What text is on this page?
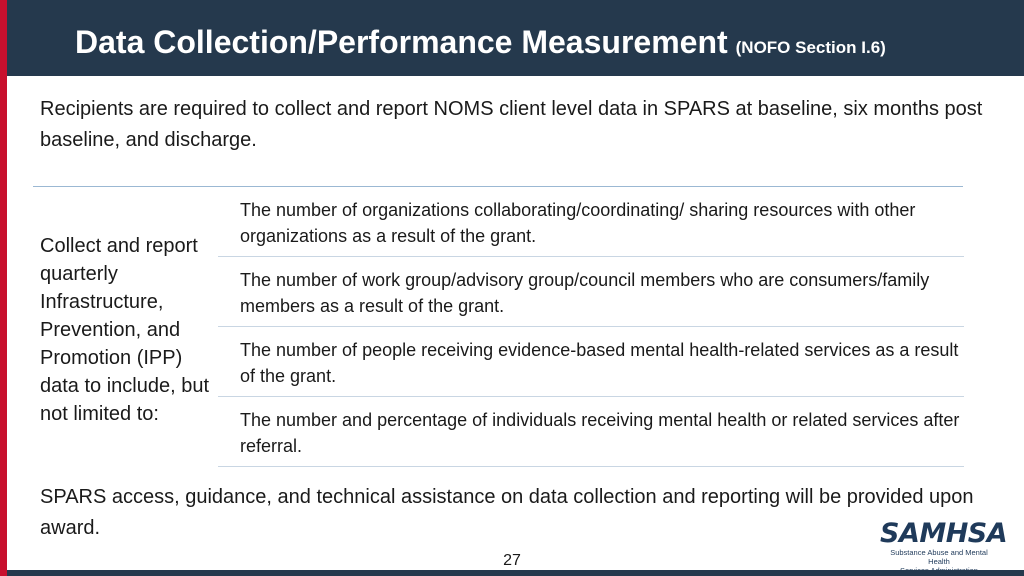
Data Collection/Performance Measurement (NOFO Section I.6)
Recipients are required to collect and report NOMS client level data in SPARS at baseline, six months post baseline, and discharge.
Collect and report quarterly Infrastructure, Prevention, and Promotion (IPP) data to include, but not limited to:
The number of organizations collaborating/coordinating/ sharing resources with other organizations as a result of the grant.
The number of work group/advisory group/council members who are consumers/family members as a result of the grant.
The number of people receiving evidence-based mental health-related services as a result of the grant.
The number and percentage of individuals receiving mental health or related services after referral.
SPARS access, guidance, and technical assistance on data collection and reporting will be provided upon award.
27
SAMHSA
Substance Abuse and Mental Health
